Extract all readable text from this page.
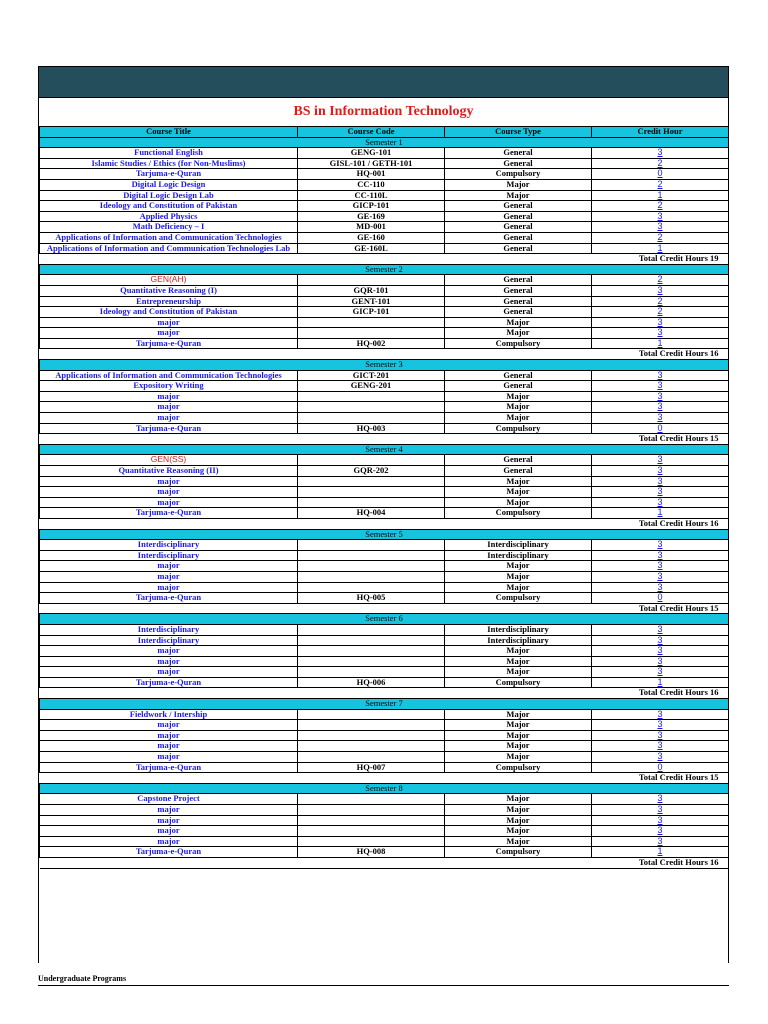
BS in Information Technology
Course Title	Course Code	Course Type	Credit Hour
Semester 1			
Functional English	GENG-101	General	3
Islamic Studies / Ethics (for Non-Muslims)	GISL-101 / GETH-101	General	2
Tarjuma-e-Quran	HQ-001	Compulsory	0
Digital Logic Design	CC-110	Major	2
Digital Logic Design Lab	CC-110L	Major	1
Ideology and Constitution of Pakistan	GICP-101	General	2
Applied Physics	GE-169	General	3
Math Deficiency – I	MD-001	General	3
Applications of Information and Communication Technologies	GE-160	General	2
Applications of Information and Communication Technologies Lab	GE-160L	General	1
Total Credit Hours 19			
Semester 2			
GEN(AH)		General	2
Quantitative Reasoning (I)	GQR-101	General	3
Entrepreneurship	GENT-101	General	2
Ideology and Constitution of Pakistan	GICP-101	General	2
major		Major	3
major		Major	3
Tarjuma-e-Quran	HQ-002	Compulsory	1
Total Credit Hours 16			
Semester 3			
Applications of Information and Communication Technologies	GICT-201	General	3
Expository Writing	GENG-201	General	3
major		Major	3
major		Major	3
major		Major	3
Tarjuma-e-Quran	HQ-003	Compulsory	0
Total Credit Hours 15			
Semester 4			
GEN(SS)		General	3
Quantitative Reasoning (II)	GQR-202	General	3
major		Major	3
major		Major	3
major		Major	3
Tarjuma-e-Quran	HQ-004	Compulsory	1
Total Credit Hours 16			
Semester 5			
Interdisciplinary		Interdisciplinary	3
Interdisciplinary		Interdisciplinary	3
major		Major	3
major		Major	3
major		Major	3
Tarjuma-e-Quran	HQ-005	Compulsory	0
Total Credit Hours 15			
Semester 6			
Interdisciplinary		Interdisciplinary	3
Interdisciplinary		Interdisciplinary	3
major		Major	3
major		Major	3
major		Major	3
Tarjuma-e-Quran	HQ-006	Compulsory	1
Total Credit Hours 16			
Semester 7			
Fieldwork / Intership		Major	3
major		Major	3
major		Major	3
major		Major	3
major		Major	3
Tarjuma-e-Quran	HQ-007	Compulsory	0
Total Credit Hours 15			
Semester 8			
Capstone Project		Major	3
major		Major	3
major		Major	3
major		Major	3
major		Major	3
Tarjuma-e-Quran	HQ-008	Compulsory	1
Total Credit Hours 16			
Undergraduate Programs
